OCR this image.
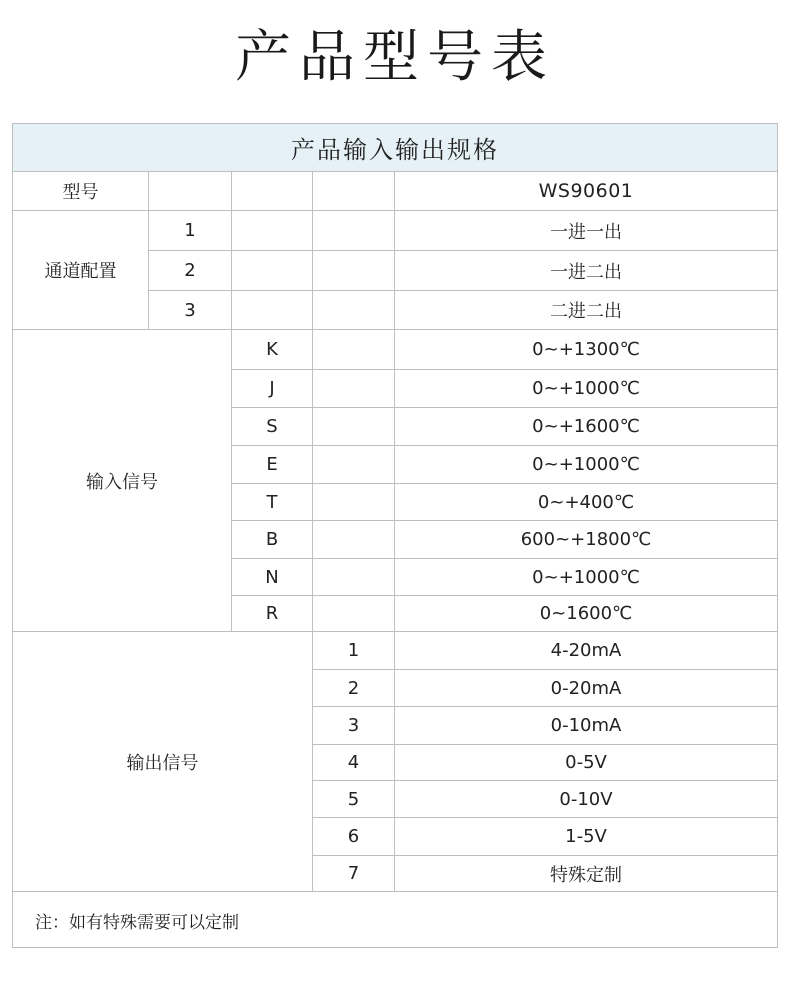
产品型号表
产品输入输出规格
型号	WS90601
通道配置
1	一进一出
2	一进二出
3	二进二出
输入信号
K	0~+1300℃
J	0~+1000℃
S	0~+1600℃
E	0~+1000℃
T	0~+400℃
B	600~+1800℃
N	0~+1000℃
R	0~1600℃
输出信号
1	4-20mA
2	0-20mA
3	0-10mA
4	0-5V
5	0-10V
6	1-5V
7	特殊定制
注：如有特殊需要可以定制
